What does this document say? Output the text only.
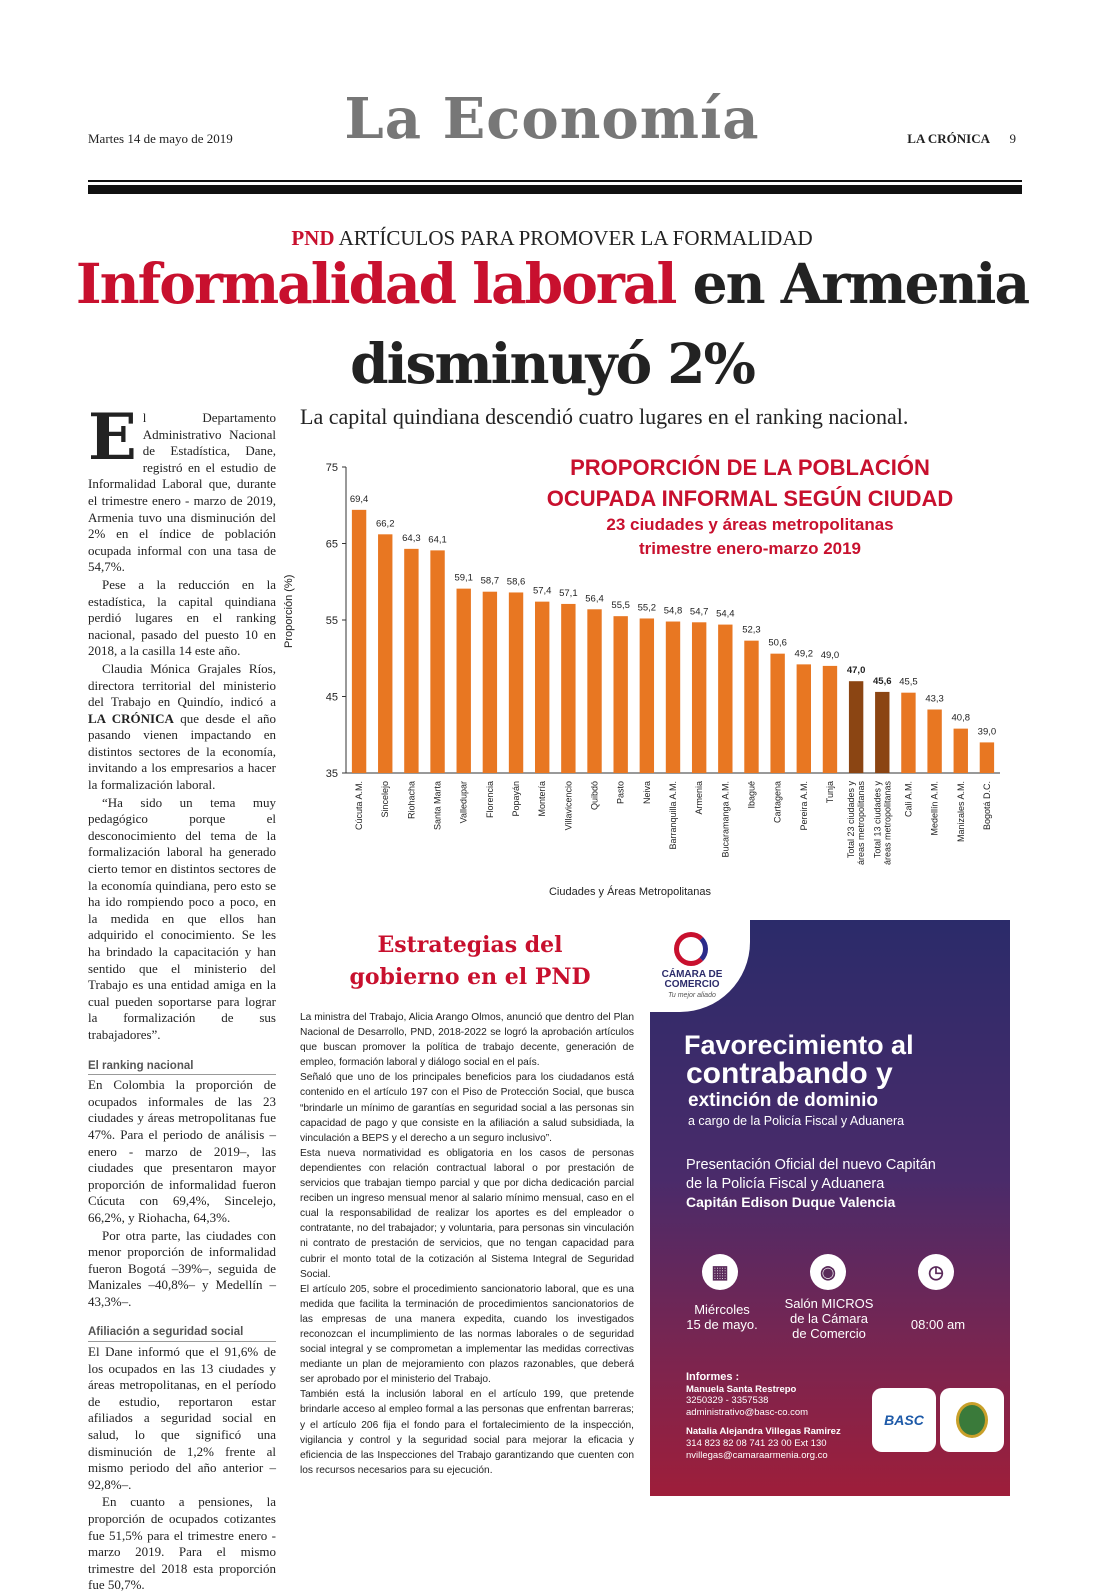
Martes 14 de mayo de 2019	La Economía	LA CRÓNICA 9
PND ARTÍCULOS PARA PROMOVER LA FORMALIDAD
Informalidad laboral en Armenia
disminuyó 2%
La capital quindiana descendió cuatro lugares en el ranking nacional.

El Departamento Administrativo Nacional de Estadística, Dane, registró en el estudio de Informalidad Laboral que, durante el trimestre enero - marzo de 2019, Armenia tuvo una disminución del 2% en el índice de población ocupada informal con una tasa de 54,7%.

Pese a la reducción en la estadística, la capital quindiana perdió lugares en el ranking nacional, pasado del puesto 10 en 2018, a la casilla 14 este año.

Claudia Mónica Grajales Ríos, directora territorial del ministerio del Trabajo en Quindío, indicó a LA CRÓNICA que desde el año pasando vienen impactando en distintos sectores de la economía, invitando a los empresarios a hacer la formalización laboral.

“Ha sido un tema muy pedagógico porque el desconocimiento del tema de la formalización laboral ha generado cierto temor en distintos sectores de la economía quindiana, pero esto se ha ido rompiendo poco a poco, en la medida en que ellos han adquirido el conocimiento. Se les ha brindado la capacitación y han sentido que el ministerio del Trabajo es una entidad amiga en la cual pueden soportarse para lograr la formalización de sus trabajadores”.

El ranking nacional

En Colombia la proporción de ocupados informales de las 23 ciudades y áreas metropolitanas fue 47%. Para el periodo de análisis –enero - marzo de 2019–, las ciudades que presentaron mayor proporción de informalidad fueron Cúcuta con 69,4%, Sincelejo, 66,2%, y Riohacha, 64,3%.

Por otra parte, las ciudades con menor proporción de informalidad fueron Bogotá –39%–, seguida de Manizales –40,8%– y Medellín –43,3%–.

Afiliación a seguridad social

El Dane informó que el 91,6% de los ocupados en las 13 ciudades y áreas metropolitanas, en el período de estudio, reportaron estar afiliados a seguridad social en salud, lo que significó una disminución de 1,2% frente al mismo periodo del año anterior –92,8%–.

En cuanto a pensiones, la proporción de ocupados cotizantes fue 51,5% para el trimestre enero -marzo 2019. Para el mismo trimestre del 2018 esta proporción fue 50,7%.

PROPORCIÓN DE LA POBLACIÓN
OCUPADA INFORMAL SEGÚN CIUDAD
23 ciudades y áreas metropolitanas
trimestre enero-marzo 2019
Proporción (%)
Ciudades y Áreas Metropolitanas
35
45
55
65
75
69,4
Cúcuta A.M.
66,2
Sincelejo
64,3
Riohacha
64,1
Santa Marta
59,1
Valledupar
58,7
Florencia
58,6
Popayán
57,4
Montería
57,1
Villavicencio
56,4
Quibdó
55,5
Pasto
55,2
Neiva
54,8
Barranquilla A.M.
54,7
Armenia
54,4
Bucaramanga A.M.
52,3
Ibagué
50,6
Cartagena
49,2
Pereira A.M.
49,0
Tunja
47,0
Total 23 ciudades yáreas metropolitanas
45,6
Total 13 ciudades yáreas metropolitanas
45,5
Cali A.M.
43,3
Medellín A.M.
40,8
Manizales A.M.
39,0
Bogotá D.C.
Estrategias del
gobierno en el PND

La ministra del Trabajo, Alicia Arango Olmos, anunció que dentro del Plan Nacional de Desarrollo, PND, 2018-2022 se logró la aprobación artículos que buscan promover la política de trabajo decente, generación de empleo, formación laboral y diálogo social en el país.

Señaló que uno de los principales beneficios para los ciudadanos está contenido en el artículo 197 con el Piso de Protección Social, que busca “brindarle un mínimo de garantías en seguridad social a las personas sin capacidad de pago y que consiste en la afiliación a salud subsidiada, la vinculación a BEPS y el derecho a un seguro inclusivo”.

Esta nueva normatividad es obligatoria en los casos de personas dependientes con relación contractual laboral o por prestación de servicios que trabajan tiempo parcial y que por dicha dedicación parcial reciben un ingreso mensual menor al salario mínimo mensual, caso en el cual la responsabilidad de realizar los aportes es del empleador o contratante, no del trabajador; y voluntaria, para personas sin vinculación ni contrato de prestación de servicios, que no tengan capacidad para cubrir el monto total de la cotización al Sistema Integral de Seguridad Social.

El artículo 205, sobre el procedimiento sancionatorio laboral, que es una medida que facilita la terminación de procedimientos sancionatorios de las empresas de una manera expedita, cuando los investigados reconozcan el incumplimiento de las normas laborales o de seguridad social integral y se comprometan a implementar las medidas correctivas mediante un plan de mejoramiento con plazos razonables, que deberá ser aprobado por el ministerio del Trabajo.

También está la inclusión laboral en el artículo 199, que pretende brindarle acceso al empleo formal a las personas que enfrentan barreras; y el artículo 206 fija el fondo para el fortalecimiento de la inspección, vigilancia y control y la seguridad social para mejorar la eficacia y eficiencia de las Inspecciones del Trabajo garantizando que cuenten con los recursos necesarios para su ejecución.

CÁMARA DE COMERCIO
Tu mejor aliado
Favorecimiento al
contrabando y
extinción de dominio
a cargo de la Policía Fiscal y Aduanera
Presentación Oficial del nuevo Capitán
de la Policía Fiscal y Aduanera
Capitán Edison Duque Valencia
▦	◉	◷
Miércoles
15 de mayo.
Salón MICROS
de la Cámara
de Comercio
08:00 am
Informes :
Manuela Santa Restrepo
3250329 - 3357538
administrativo@basc-co.com
Natalia Alejandra Villegas Ramirez
314 823 82 08 741 23 00 Ext 130
nvillegas@camaraarmenia.org.co
BASC
